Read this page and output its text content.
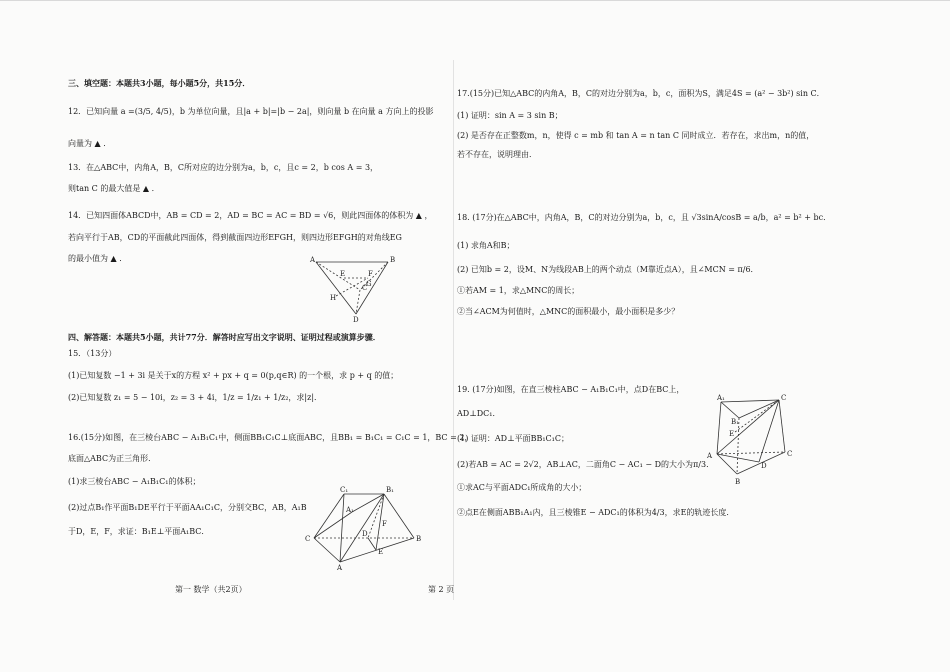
三、填空题：本题共3小题，每小题5分，共15分．
12．已知向量 a =(3/5, 4/5)，b 为单位向量，且|a + b|=|b − 2a|，则向量 b 在向量 a 方向上的投影
向量为 ▲ ．
13．在△ABC中，内角A，B，C所对应的边分别为a，b，c，且c = 2，b cos A = 3，
则tan C 的最大值是 ▲ ．
14．已知四面体ABCD中，AB = CD = 2，AD = BC = AC = BD = √6，则此四面体的体积为 ▲ ，
若向平行于AB，CD的平面截此四面体，得到截面四边形EFGH，则四边形EFGH的对角线EG
的最小值为 ▲ ．	A	B
C
D
E	F
G
H
四、解答题：本题共5小题，共计77分．解答时应写出文字说明、证明过程或演算步骤．
15．（13分）
(1)已知复数 −1 + 3i 是关于x的方程 x² + px + q = 0(p,q∈R) 的一个根，求 p + q 的值；
(2)已知复数 z₁ = 5 − 10i，z₂ = 3 + 4i，1/z = 1/z₁ + 1/z₂，求|z|．
16.(15分)如图，在三棱台ABC − A₁B₁C₁中，侧面BB₁C₁C⊥底面ABC，且BB₁ = B₁C₁ = C₁C = 1，BC = 2，
底面△ABC为正三角形．
(1)求三棱台ABC − A₁B₁C₁的体积；
(2)过点B₁作平面B₁DE平行于平面AA₁C₁C，分别交BC，AB，A₁B
于D，E，F，求证：B₁E⊥平面A₁BC．
C₁	B₁
A₁
C	B
A
D
E
F
第一 数学（共2页）
17.(15分)已知△ABC的内角A，B，C的对边分别为a，b，c，面积为S，满足4S = (a² − 3b²) sin C．
(1) 证明：sin A = 3 sin B；
(2) 是否存在正整数m，n，使得 c = mb 和 tan A = n tan C 同时成立．若存在，求出m，n的值，
若不存在，说明理由．
18. (17分)在△ABC中，内角A，B，C的对边分别为a，b，c，且 √3sinA/cosB = a/b，a² = b² + bc．
(1) 求角A和B；
(2) 已知b = 2，设M、N为线段AB上的两个动点（M靠近点A），且∠MCN = π/6．
①若AM = 1，求△MNC的周长；
②当∠ACM为何值时，△MNC的面积最小，最小面积是多少？
19. (17分)如图，在直三棱柱ABC − A₁B₁C₁中，点D在BC上，
AD⊥DC₁．
(1) 证明：AD⊥平面BB₁C₁C；
(2)若AB = AC = 2√2，AB⊥AC，二面角C − AC₁ − D的大小为π/3．
①求AC与平面ADC₁所成角的大小；
②点E在侧面ABB₁A₁内，且三棱锥E − ADC₁的体积为4/3，求E的轨迹长度．
A₁	C
B₁
A
B
C
D
E
第 2 页
